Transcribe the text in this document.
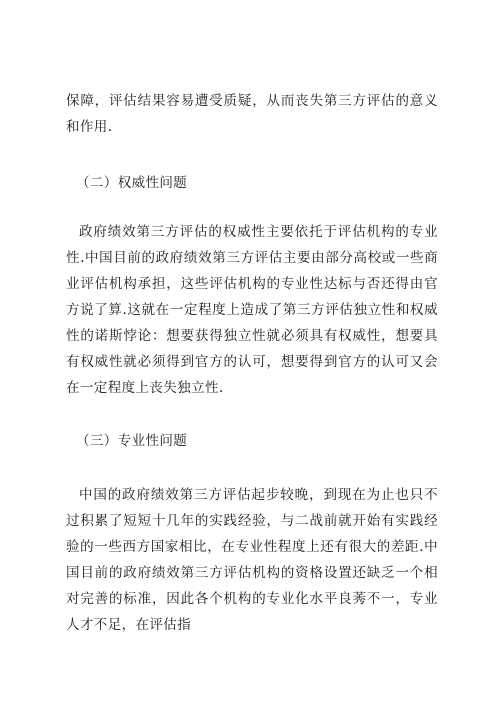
保障，评估结果容易遭受质疑，从而丧失第三方评估的意义和作用.
（二）权威性问题
政府绩效第三方评估的权威性主要依托于评估机构的专业性.中国目前的政府绩效第三方评估主要由部分高校或一些商业评估机构承担，这些评估机构的专业性达标与否还得由官方说了算.这就在一定程度上造成了第三方评估独立性和权威性的诺斯悖论：想要获得独立性就必须具有权威性，想要具有权威性就必须得到官方的认可，想要得到官方的认可又会在一定程度上丧失独立性.
（三）专业性问题
中国的政府绩效第三方评估起步较晚，到现在为止也只不过积累了短短十几年的实践经验，与二战前就开始有实践经验的一些西方国家相比，在专业性程度上还有很大的差距.中国目前的政府绩效第三方评估机构的资格设置还缺乏一个相对完善的标准，因此各个机构的专业化水平良莠不一，专业人才不足，在评估指
